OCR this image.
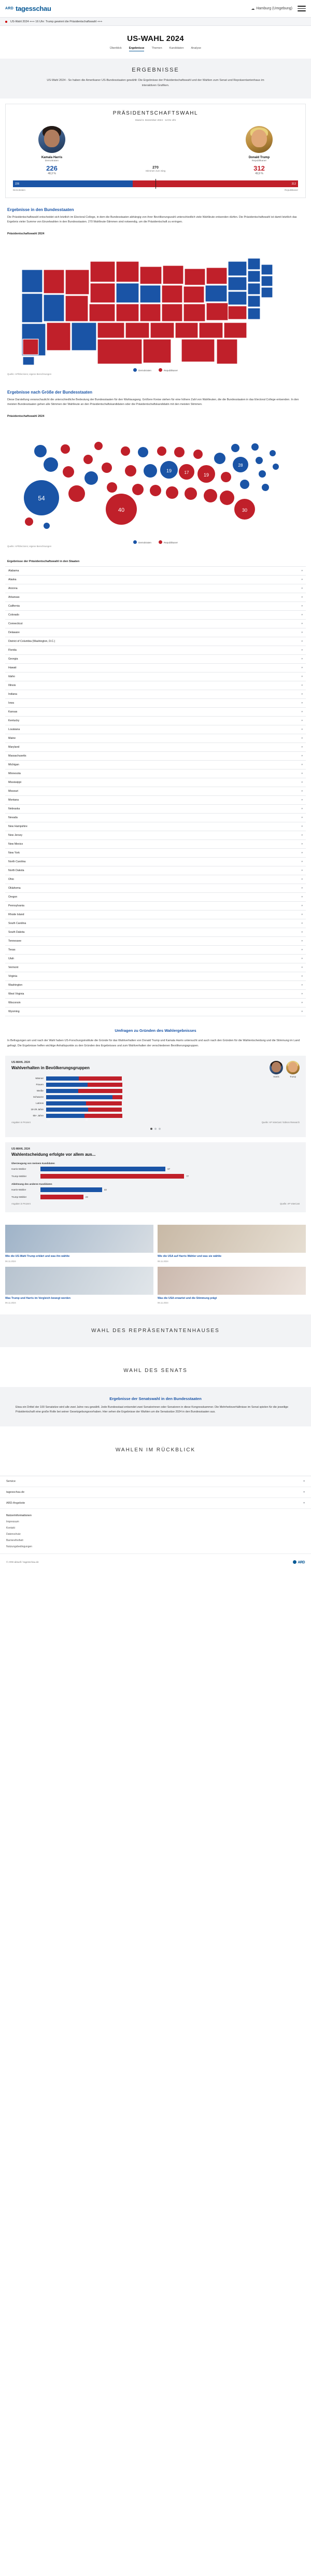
ARD tagesschau	☁ Hamburg (Umgebung)
US-Wahl 2024 +++ 16 Uhr: Trump gewinnt die Präsidentschaftswahl +++
US-WAHL 2024
Überblick	Ergebnisse	Themen	Kandidaten	Analyse
ERGEBNISSE

US-Wahl 2024 - So haben die Amerikaner US-Bundesstaaten gewählt: Die Ergebnisse der Präsidentschaftswahl und der Wahlen zum Senat und Repräsentantenhaus im interaktiven Grafiken.

PRÄSIDENTSCHAFTSWAHL
Stand 6. Dezember 2024 · 14:01 Uhr
Kamala Harris
Demokraten
226
48,3 %
270
Stimmen zum Sieg
Donald Trump
Republikaner
312
49,9 %
226	312
Demokraten	Republikaner
Ergebnisse in den Bundesstaaten

Die Präsidentschaftswahl entscheidet sich letztlich im Electoral College, in dem die Bundesstaaten abhängig von ihrer Bevölkerungszahl unterschiedlich viele Wahlleute entsenden dürfen. Die Präsidentschaftswahl ist damit letztlich das Ergebnis vieler Summe von Einzelwahlen in den Bundesstaaten. 270 Wahlleute-Stimmen sind notwendig, um die Präsidentschaft zu erringen.

Präsidentschaftswahl 2024
Demokraten	Republikaner
Quelle: AP/Elections; eigene Berechnungen
Ergebnisse nach Größe der Bundesstaaten

Diese Darstellung veranschaulicht die unterschiedliche Bedeutung der Bundesstaaten für den Wahlausgang. Größere Kreise stehen für eine höhere Zahl von Wahlleuten, die die Bundesstaaten in das Electoral College entsenden. In den meisten Bundesstaaten gehen alle Stimmen der Wahlleute an den Präsidentschaftskandidaten oder die Präsidentschaftskandidatin mit den meisten Stimmen.

Präsidentschaftswahl 2024
54
40
19	17	19
28
30
Demokraten	Republikaner
Quelle: AP/Elections; eigene Berechnungen
Ergebnisse der Präsidentschaftswahl in den Staaten
Alabama	▾
Alaska	▾
Arizona	▾
Arkansas	▾
California	▾
Colorado	▾
Connecticut	▾
Delaware	▾
District of Columbia (Washington, D.C.)	▾
Florida	▾
Georgia	▾
Hawaii	▾
Idaho	▾
Illinois	▾
Indiana	▾
Iowa	▾
Kansas	▾
Kentucky	▾
Louisiana	▾
Maine	▾
Maryland	▾
Massachusetts	▾
Michigan	▾
Minnesota	▾
Mississippi	▾
Missouri	▾
Montana	▾
Nebraska	▾
Nevada	▾
New Hampshire	▾
New Jersey	▾
New Mexico	▾
New York	▾
North Carolina	▾
North Dakota	▾
Ohio	▾
Oklahoma	▾
Oregon	▾
Pennsylvania	▾
Rhode Island	▾
South Carolina	▾
South Dakota	▾
Tennessee	▾
Texas	▾
Utah	▾
Vermont	▾
Virginia	▾
Washington	▾
West Virginia	▾
Wisconsin	▾
Wyoming	▾
Umfragen zu Gründen des Wahlergebnisses

In Befragungen am und nach der Wahl haben US-Forschungsinstitute die Gründe für das Wahlverhalten von Donald Trump und Kamala Harris untersucht und auch nach den Gründen für die Wahlentscheidung und die Stimmung im Land gefragt. Die Ergebnisse helfen wichtige Anhaltspunkte zu den Gründen des Ergebnisses und zum Wahlverhalten der verschiedenen Bevölkerungsgruppen.

US-WAHL 2024
Wahlverhalten in Bevölkerungsgruppen
Harris	Trump
Männer
Frauen
Weiße
Schwarze
Latinos
18-29 Jahre
65+ Jahre
49	49
Angaben in Prozent	Quelle: AP VoteCast / Edison Research
US-WAHL 2024
Wahlentscheidung erfolgte vor allem aus...
Überzeugung von meinem Kandidaten
Harris-Wähler	67
Trump-Wähler	77
Ablehnung des anderen Kandidaten
Harris-Wähler	33
Trump-Wähler	23
Angaben in Prozent	Quelle: AP VoteCast
Wie die US-Wahl Trump erklärt und was ihn wählte
06.11.2024
Wie die USA auf Harris Wähler und was sie wählte
06.11.2024
Was Trump und Harris im Vergleich bewegt werden
06.11.2024
Was die USA erwartet und die Stimmung prägt
06.11.2024
WAHL DES REPRÄSENTANTENHAUSES
WAHL DES SENATS
Ergebnisse der Senatswahl in den Bundesstaaten

Etwa ein Drittel der 100 Senatsitze wird alle zwei Jahre neu gewählt. Jede Bundesstaat entsendet zwei Senatorinnen oder Senatoren in diese Kongresskammer. Die Mehrheitsverhältnisse im Senat spielen für die jeweilige Präsidentschaft eine große Rolle bei seiner Gesetzgebungsvorhaben. Hier sehen die Ergebnisse der Wahlen um die Senatssitze 2024 in den Bundesstaaten aus.

WAHLEN IM RÜCKBLICK
Service	▾
tagesschau.de	▾
ARD-Angebote	▾
Nutzerinformationen
Impressum
Kontakt
Datenschutz
Barrierefreiheit
Nutzungsbedingungen
© ARD-aktuell / tagesschau.de	ARD
